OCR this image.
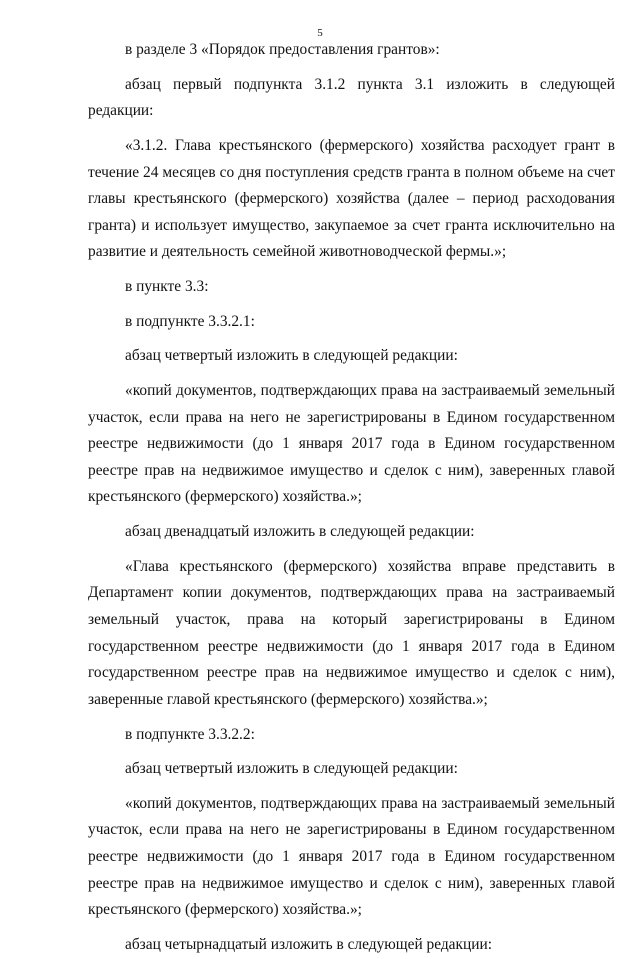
5

в разделе 3 «Порядок предоставления грантов»:

абзац первый подпункта 3.1.2 пункта 3.1 изложить в следующей редакции:

«3.1.2. Глава крестьянского (фермерского) хозяйства расходует грант в течение 24 месяцев со дня поступления средств гранта в полном объеме на счет главы крестьянского (фермерского) хозяйства (далее – период расходования гранта) и использует имущество, закупаемое за счет гранта исключительно на развитие и деятельность семейной животноводческой фермы.»;

в пункте 3.3:

в подпункте 3.3.2.1:

абзац четвертый изложить в следующей редакции:

«копий документов, подтверждающих права на застраиваемый земельный участок, если права на него не зарегистрированы в Едином государственном реестре недвижимости (до 1 января 2017 года в Едином государственном реестре прав на недвижимое имущество и сделок с ним), заверенных главой крестьянского (фермерского) хозяйства.»;

абзац двенадцатый изложить в следующей редакции:

«Глава крестьянского (фермерского) хозяйства вправе представить в Департамент копии документов, подтверждающих права на застраиваемый земельный участок, права на который зарегистрированы в Едином государственном реестре недвижимости (до 1 января 2017 года в Едином государственном реестре прав на недвижимое имущество и сделок с ним), заверенные главой крестьянского (фермерского) хозяйства.»;

в подпункте 3.3.2.2:

абзац четвертый изложить в следующей редакции:

«копий документов, подтверждающих права на застраиваемый земельный участок, если права на него не зарегистрированы в Едином государственном реестре недвижимости (до 1 января 2017 года в Едином государственном реестре прав на недвижимое имущество и сделок с ним), заверенных главой крестьянского (фермерского) хозяйства.»;

абзац четырнадцатый изложить в следующей редакции:
